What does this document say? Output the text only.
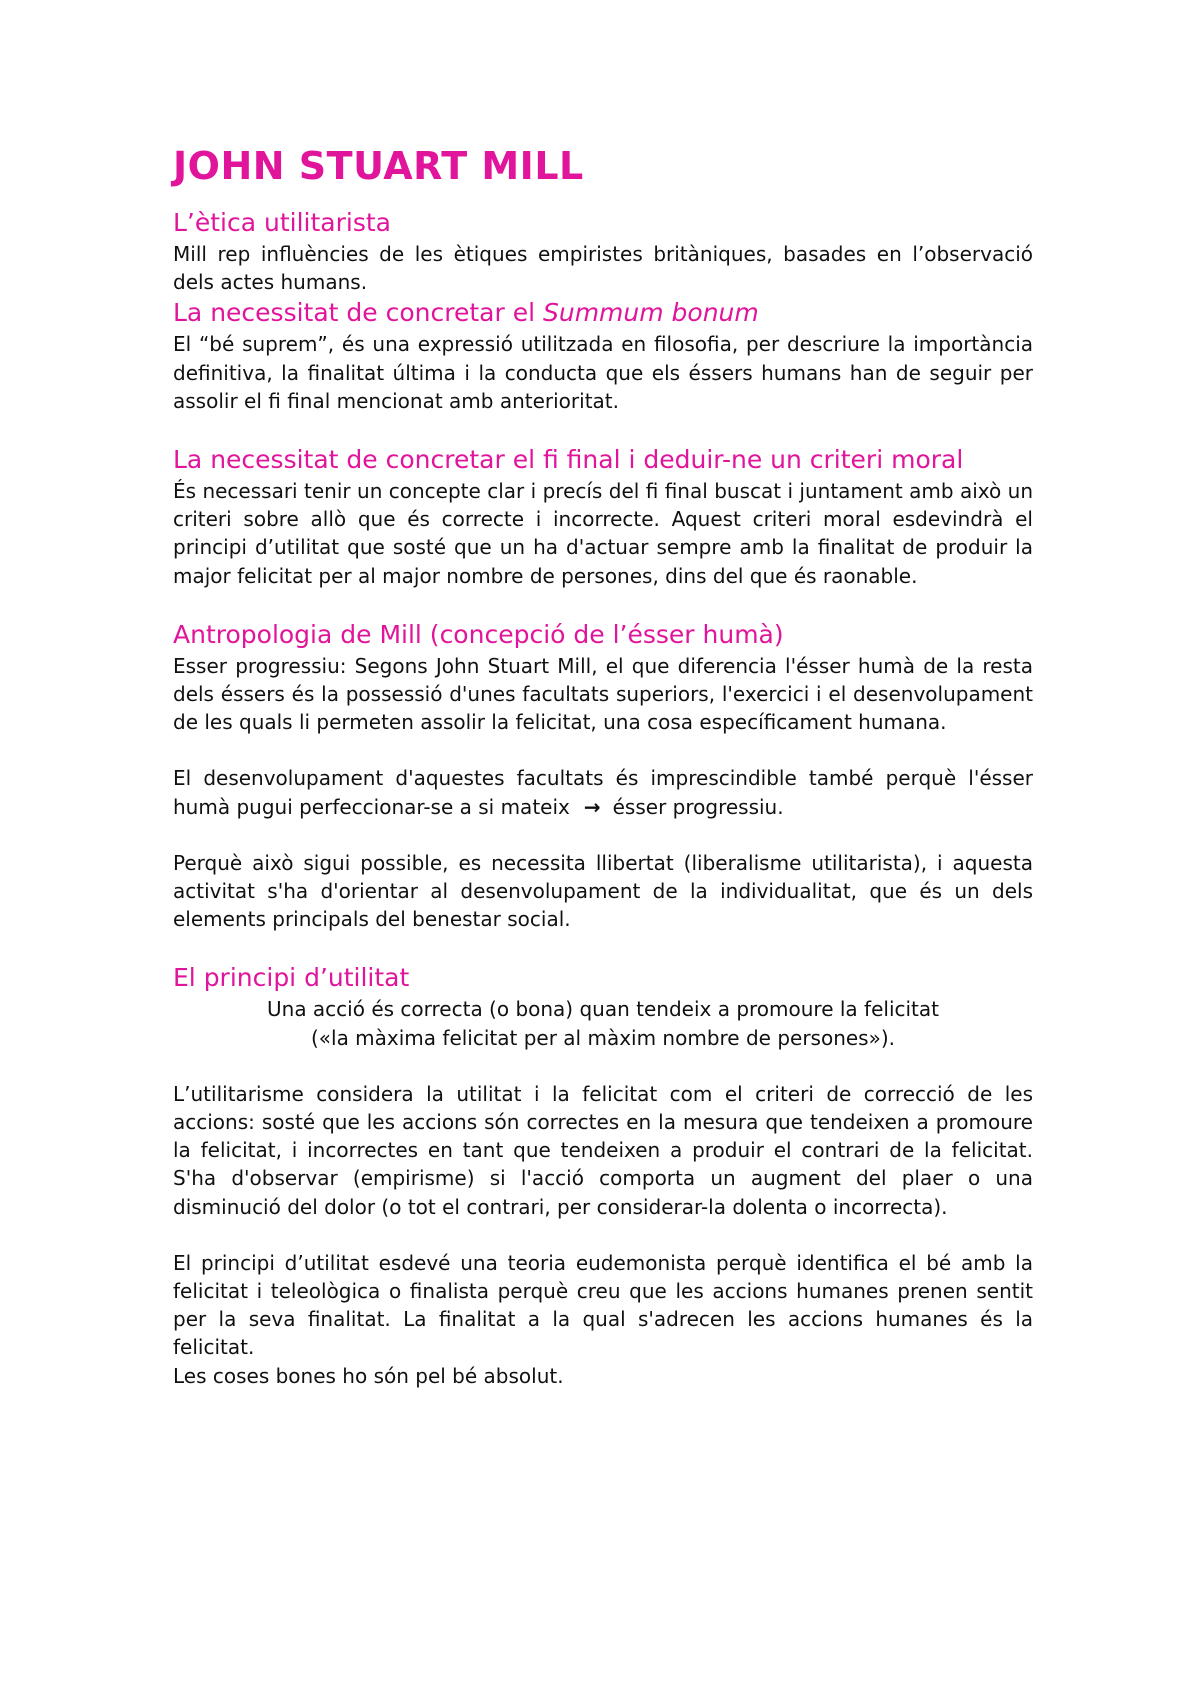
JOHN STUART MILL
L’ètica utilitarista

Mill rep influències de les ètiques empiristes britàniques, basades en l’observació dels actes humans.

La necessitat de concretar el Summum bonum

El “bé suprem”, és una expressió utilitzada en filosofia, per descriure la importància definitiva, la finalitat última i la conducta que els éssers humans han de seguir per assolir el fi final mencionat amb anterioritat.

La necessitat de concretar el fi final i deduir-ne un criteri moral

És necessari tenir un concepte clar i precís del fi final buscat i juntament amb això un criteri sobre allò que és correcte i incorrecte. Aquest criteri moral esdevindrà el principi d’utilitat que sosté que un ha d'actuar sempre amb la finalitat de produir la major felicitat per al major nombre de persones, dins del que és raonable.

Antropologia de Mill (concepció de l’ésser humà)

Esser progressiu: Segons John Stuart Mill, el que diferencia l'ésser humà de la resta dels éssers és la possessió d'unes facultats superiors, l'exercici i el desenvolupament de les quals li permeten assolir la felicitat, una cosa específicament humana.

El desenvolupament d'aquestes facultats és imprescindible també perquè l'ésser humà pugui perfeccionar-se a si mateix → ésser progressiu.

Perquè això sigui possible, es necessita llibertat (liberalisme utilitarista), i aquesta activitat s'ha d'orientar al desenvolupament de la individualitat, que és un dels elements principals del benestar social.

El principi d’utilitat

Una acció és correcta (o bona) quan tendeix a promoure la felicitat

(«la màxima felicitat per al màxim nombre de persones»).

L’utilitarisme considera la utilitat i la felicitat com el criteri de correcció de les accions: sosté que les accions són correctes en la mesura que tendeixen a promoure la felicitat, i incorrectes en tant que tendeixen a produir el contrari de la felicitat. S'ha d'observar (empirisme) si l'acció comporta un augment del plaer o una disminució del dolor (o tot el contrari, per considerar-la dolenta o incorrecta).

El principi d’utilitat esdevé una teoria eudemonista perquè identifica el bé amb la felicitat i teleològica o finalista perquè creu que les accions humanes prenen sentit per la seva finalitat. La finalitat a la qual s'adrecen les accions humanes és la felicitat.

Les coses bones ho són pel bé absolut.
